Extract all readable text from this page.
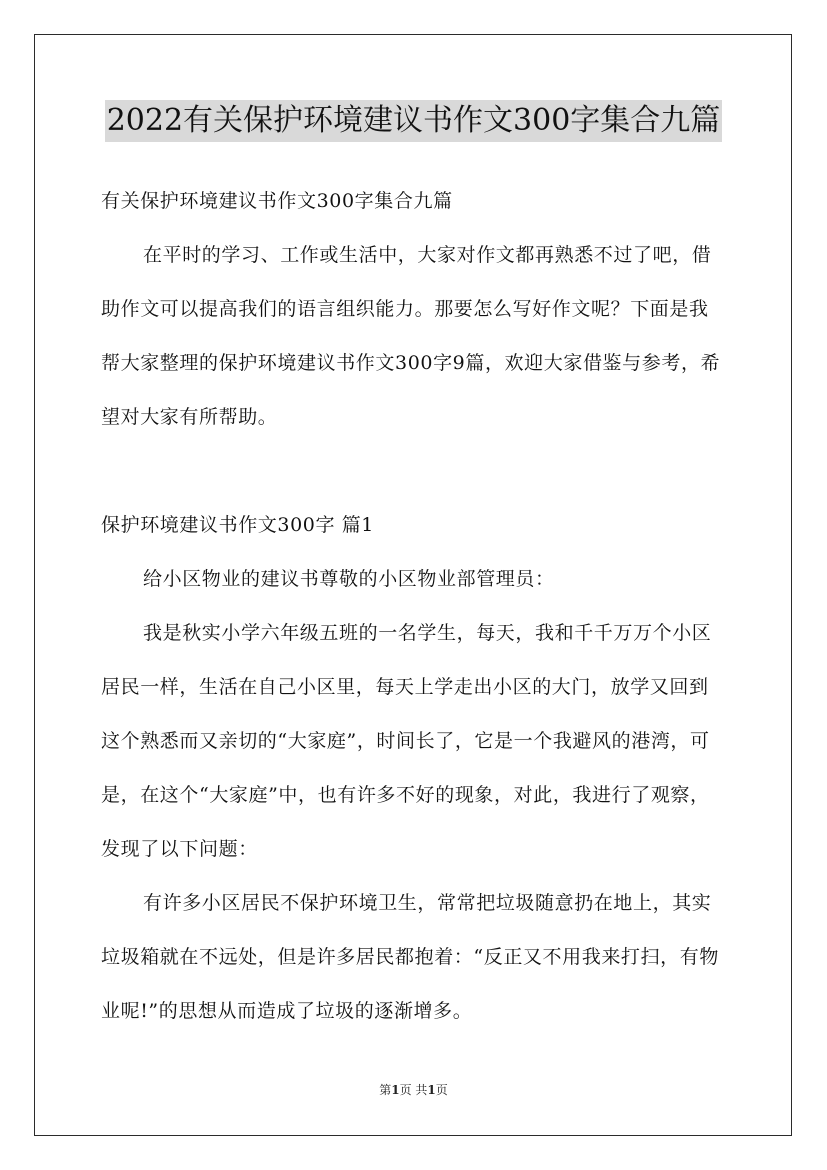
2022有关保护环境建议书作文300字集合九篇

有关保护环境建议书作文300字集合九篇

在平时的学习、工作或生活中，大家对作文都再熟悉不过了吧，借助作文可以提高我们的语言组织能力。那要怎么写好作文呢？下面是我帮大家整理的保护环境建议书作文300字9篇，欢迎大家借鉴与参考，希望对大家有所帮助。

保护环境建议书作文300字 篇1

给小区物业的建议书尊敬的小区物业部管理员：

我是秋实小学六年级五班的一名学生，每天，我和千千万万个小区居民一样，生活在自己小区里，每天上学走出小区的大门，放学又回到这个熟悉而又亲切的“大家庭”，时间长了，它是一个我避风的港湾，可是，在这个“大家庭”中，也有许多不好的现象，对此，我进行了观察，发现了以下问题：

有许多小区居民不保护环境卫生，常常把垃圾随意扔在地上，其实垃圾箱就在不远处，但是许多居民都抱着：“反正又不用我来打扫，有物业呢!”的思想从而造成了垃圾的逐渐增多。

第1页 共1页
